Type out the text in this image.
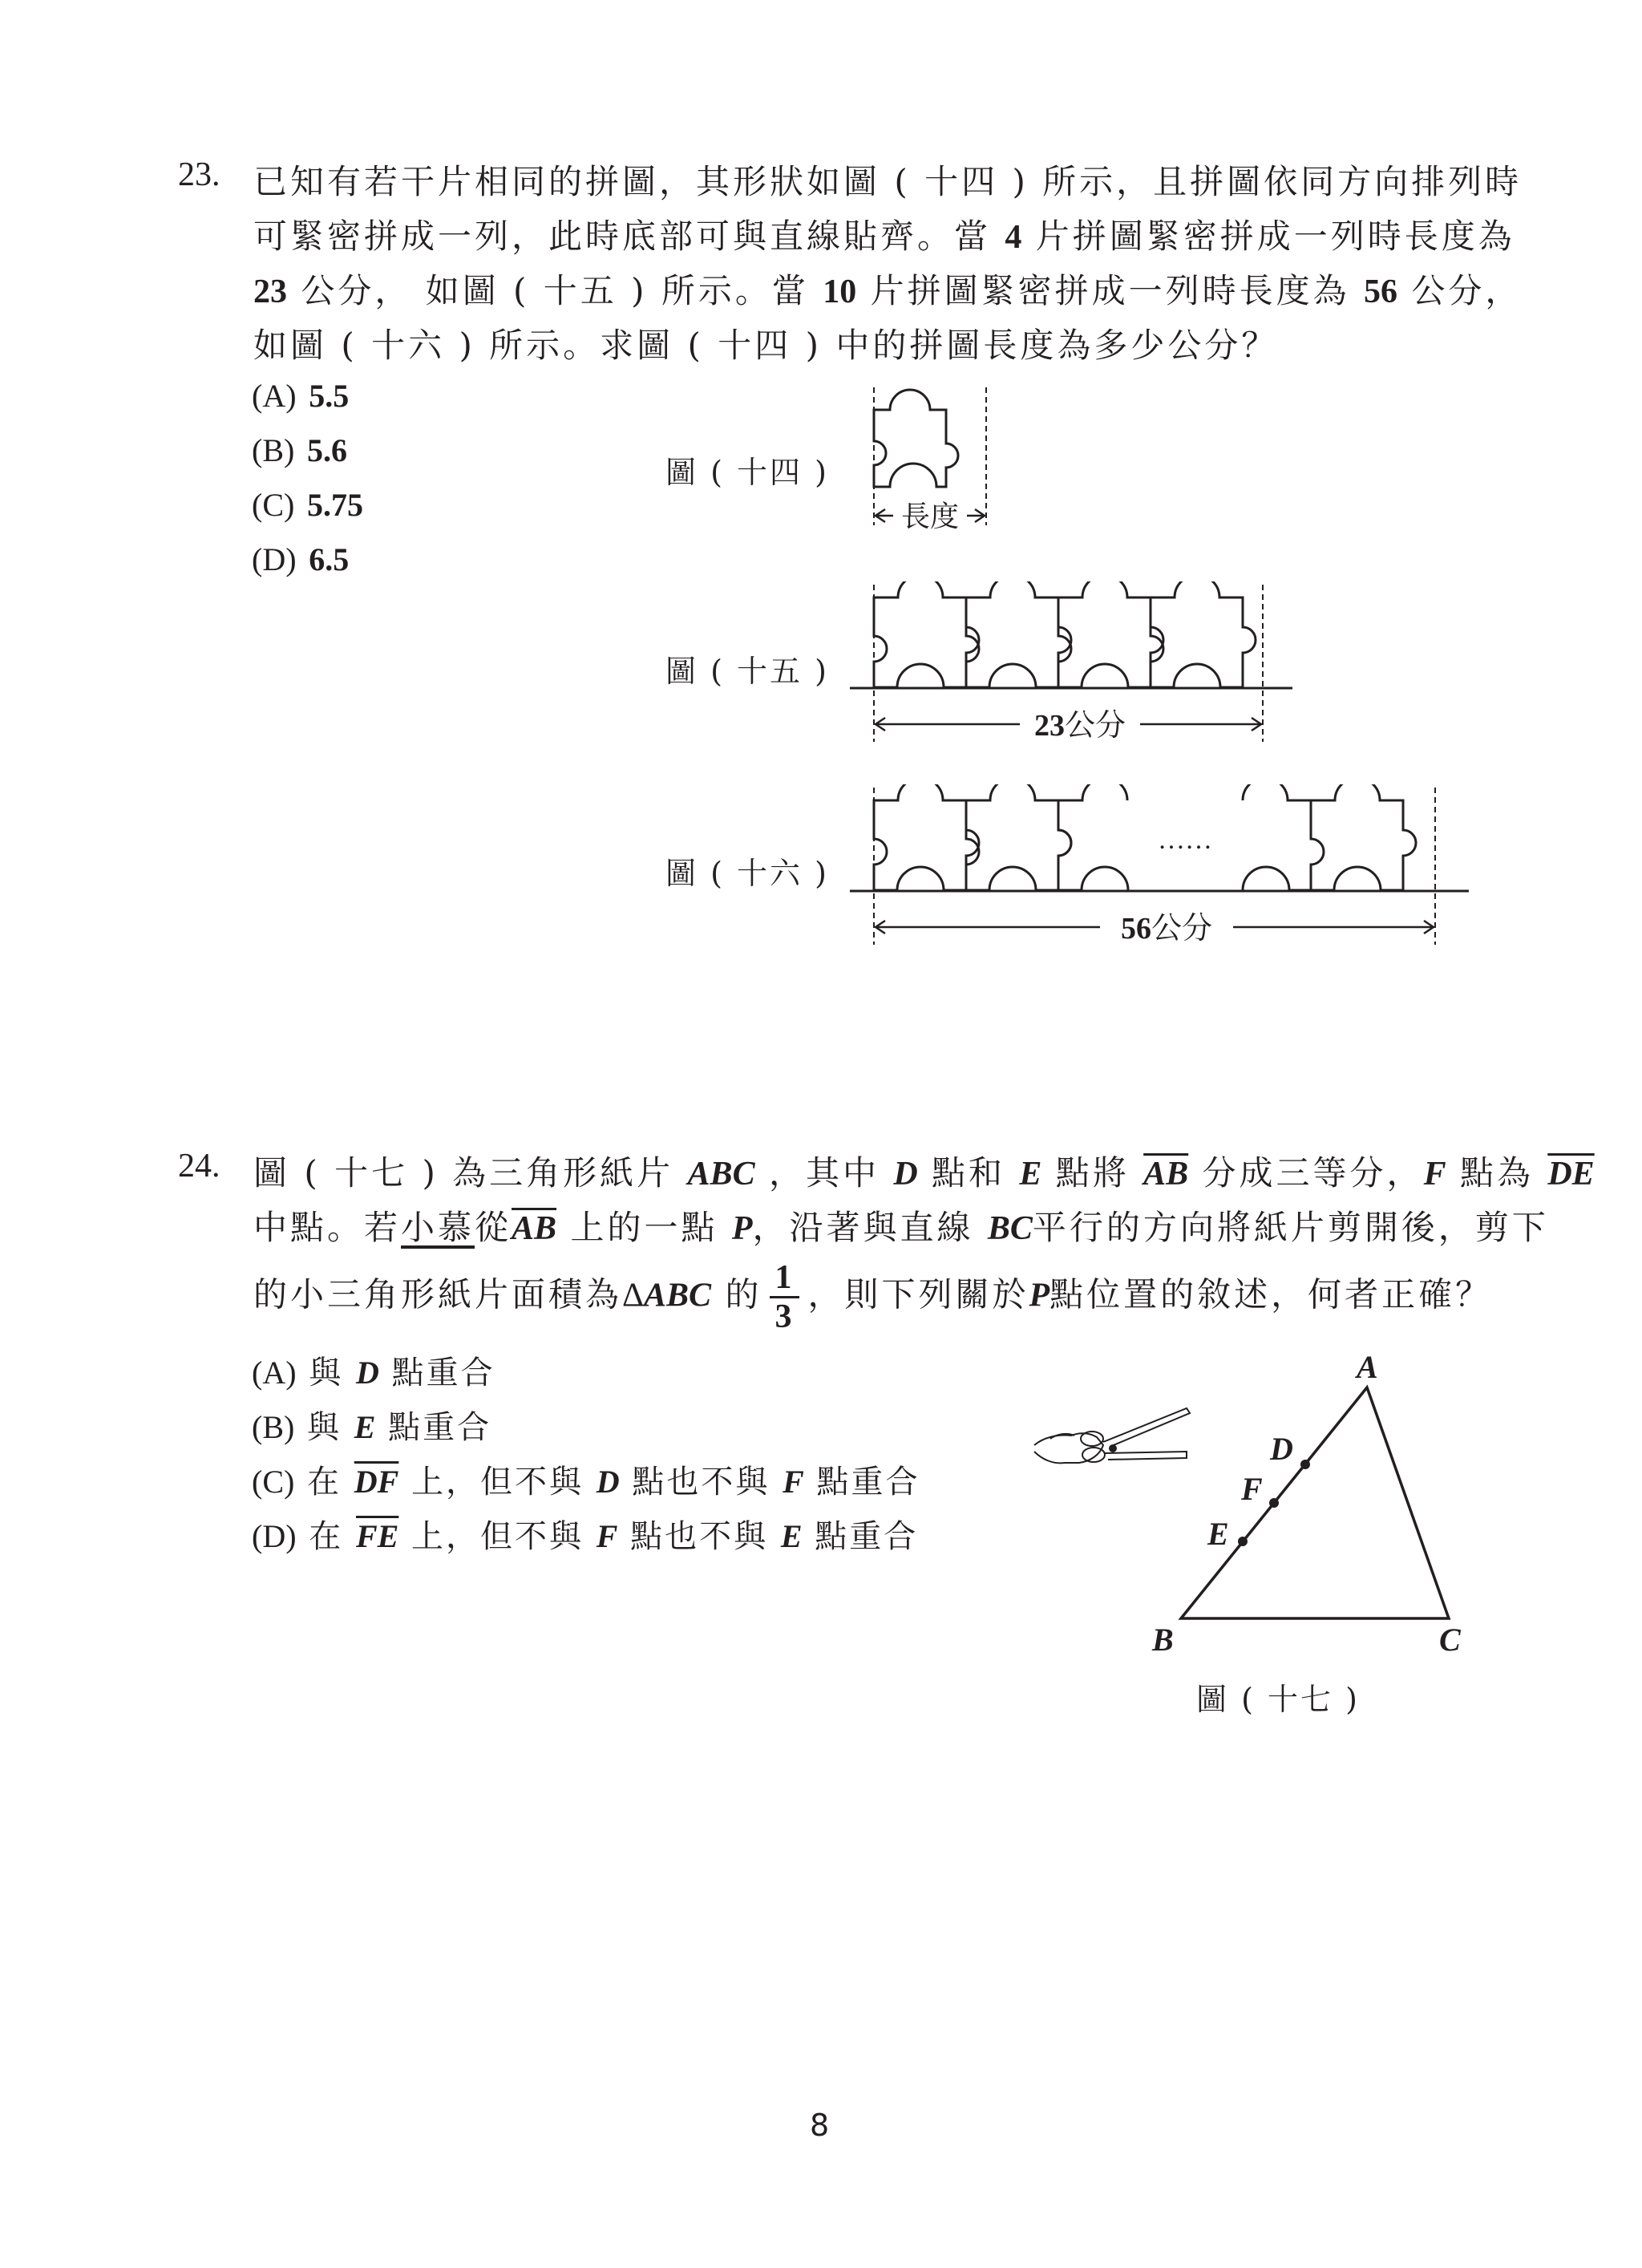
23. 已知有若干片相同的拼圖，其形狀如圖 ( 十四 ) 所示，且拼圖依同方向排列時
可緊密拼成一列，此時底部可與直線貼齊。當 4 片拼圖緊密拼成一列時長度為
23 公分， 如圖 ( 十五 ) 所示。當 10 片拼圖緊密拼成一列時長度為 56 公分，
如圖 ( 十六 ) 所示。求圖 ( 十四 ) 中的拼圖長度為多少公分？
(A) 5.5
(B) 5.6
(C) 5.75
(D) 6.5
圖 ( 十四 )
圖 ( 十五 )
圖 ( 十六 )
長度
23公分
……
56公分
24. 圖 ( 十七 ) 為三角形紙片 ABC ，其中 D 點和 E 點將 $\overline{AB}$ 分成三等分，F 點為 $\overline{DE}$
中點。若小慕從$\overline{AB}$ 上的一點 P，沿著與直線 BC平行的方向將紙片剪開後，剪下
的小三角形紙片面積為ΔABC 的 $\frac{1}{3}$ ，則下列關於P點位置的敘述，何者正確？
(A) 與 D 點重合
(B) 與 E 點重合
(C) 在 $\overline{DF}$ 上，但不與 D 點也不與 F 點重合
(D) 在 $\overline{FE}$ 上，但不與 F 點也不與 E 點重合
A
B	C
D
F
E
圖 ( 十七 )
8
